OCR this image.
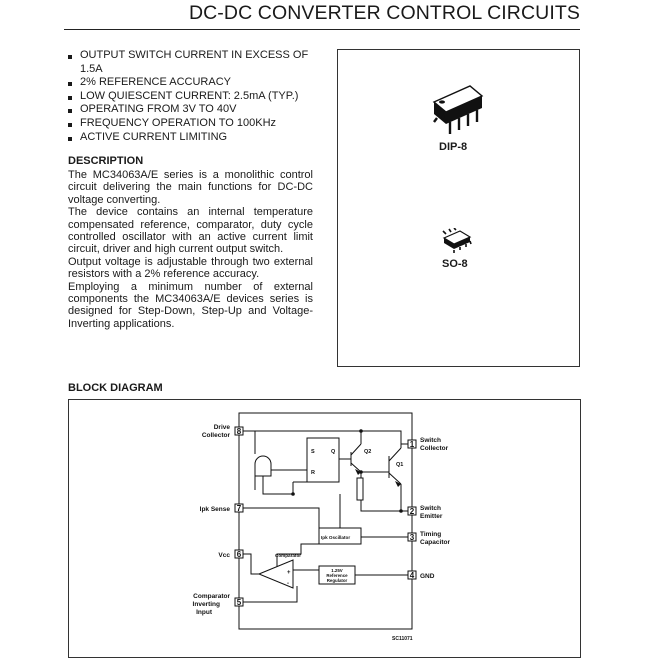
DC-DC CONVERTER CONTROL CIRCUITS
OUTPUT SWITCH CURRENT IN EXCESS OF 1.5A
2% REFERENCE ACCURACY
LOW QUIESCENT CURRENT: 2.5mA (TYP.)
OPERATING FROM 3V TO 40V
FREQUENCY OPERATION TO 100KHz
ACTIVE CURRENT LIMITING
DESCRIPTION

The MC34063A/E series is a monolithic control circuit delivering the main functions for DC-DC voltage converting.

The device contains an internal temperature compensated reference, comparator, duty cycle controlled oscillator with an active current limit circuit, driver and high current output switch.

Output voltage is adjustable through two external resistors with a 2% reference accuracy.

Employing a minimum number of external components the MC34063A/E devices series is designed for Step-Down, Step-Up and Voltage-Inverting applications.

DIP-8
SO-8
BLOCK DIAGRAM
8
7
6
5
1
2
3
4
Drive
Collector
Ipk Sense
Vcc
Comparator
Inverting
Input
Switch
Collector
Switch
Emitter
Timing
Capacitor
GND
S	Q
R
Q2
Q1
Ipk Oscillator
Comparator
1.25V
Reference
Regulator
+
-
SC11071
